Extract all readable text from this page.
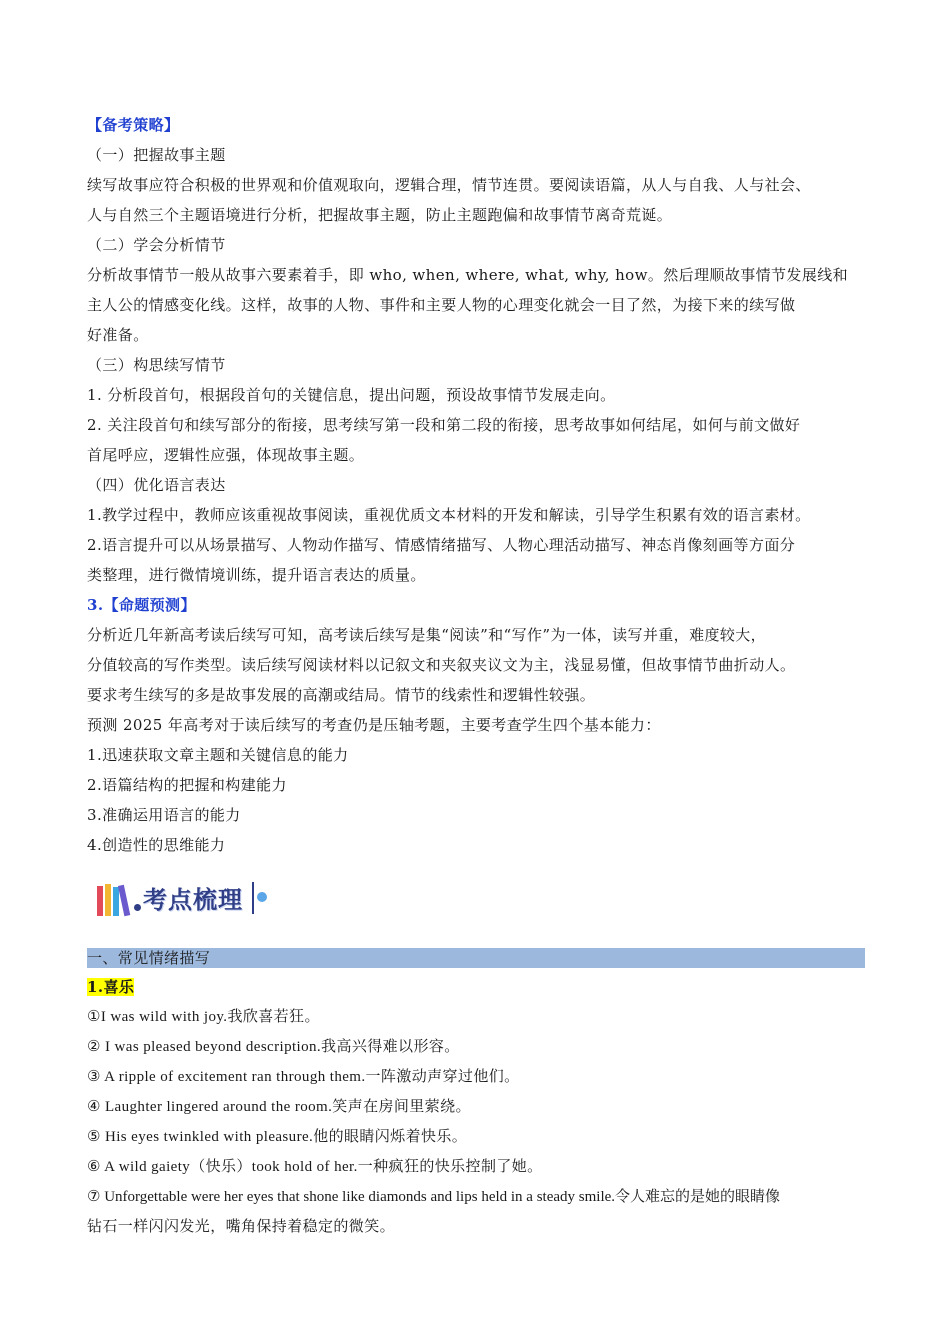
【备考策略】
（一）把握故事主题
续写故事应符合积极的世界观和价值观取向，逻辑合理，情节连贯。要阅读语篇，从人与自我、人与社会、
人与自然三个主题语境进行分析，把握故事主题，防止主题跑偏和故事情节离奇荒诞。
（二）学会分析情节
分析故事情节一般从故事六要素着手，即 who, when, where, what, why, how。然后理顺故事情节发展线和
主人公的情感变化线。这样，故事的人物、事件和主要人物的心理变化就会一目了然，为接下来的续写做
好准备。
（三）构思续写情节
1. 分析段首句，根据段首句的关键信息，提出问题，预设故事情节发展走向。
2. 关注段首句和续写部分的衔接，思考续写第一段和第二段的衔接，思考故事如何结尾，如何与前文做好
首尾呼应，逻辑性应强，体现故事主题。
（四）优化语言表达
1.教学过程中，教师应该重视故事阅读，重视优质文本材料的开发和解读，引导学生积累有效的语言素材。
2.语言提升可以从场景描写、人物动作描写、情感情绪描写、人物心理活动描写、神态肖像刻画等方面分
类整理，进行微情境训练，提升语言表达的质量。
3.【命题预测】
分析近几年新高考读后续写可知，高考读后续写是集“阅读”和“写作”为一体，读写并重，难度较大，
分值较高的写作类型。读后续写阅读材料以记叙文和夹叙夹议文为主，浅显易懂，但故事情节曲折动人。
要求考生续写的多是故事发展的高潮或结局。情节的线索性和逻辑性较强。
预测 2025 年高考对于读后续写的考查仍是压轴考题，主要考查学生四个基本能力：
1.迅速获取文章主题和关键信息的能力
2.语篇结构的把握和构建能力
3.准确运用语言的能力
4.创造性的思维能力
考点梳理
一、常见情绪描写
1.喜乐
①I was wild with joy.我欣喜若狂。
② I was pleased beyond description.我高兴得难以形容。
③ A ripple of excitement ran through them.一阵激动声穿过他们。
④ Laughter lingered around the room.笑声在房间里萦绕。
⑤ His eyes twinkled with pleasure.他的眼睛闪烁着快乐。
⑥ A wild gaiety（快乐）took hold of her.一种疯狂的快乐控制了她。
⑦ Unforgettable were her eyes that shone like diamonds and lips held in a steady smile.令人难忘的是她的眼睛像
钻石一样闪闪发光，嘴角保持着稳定的微笑。
